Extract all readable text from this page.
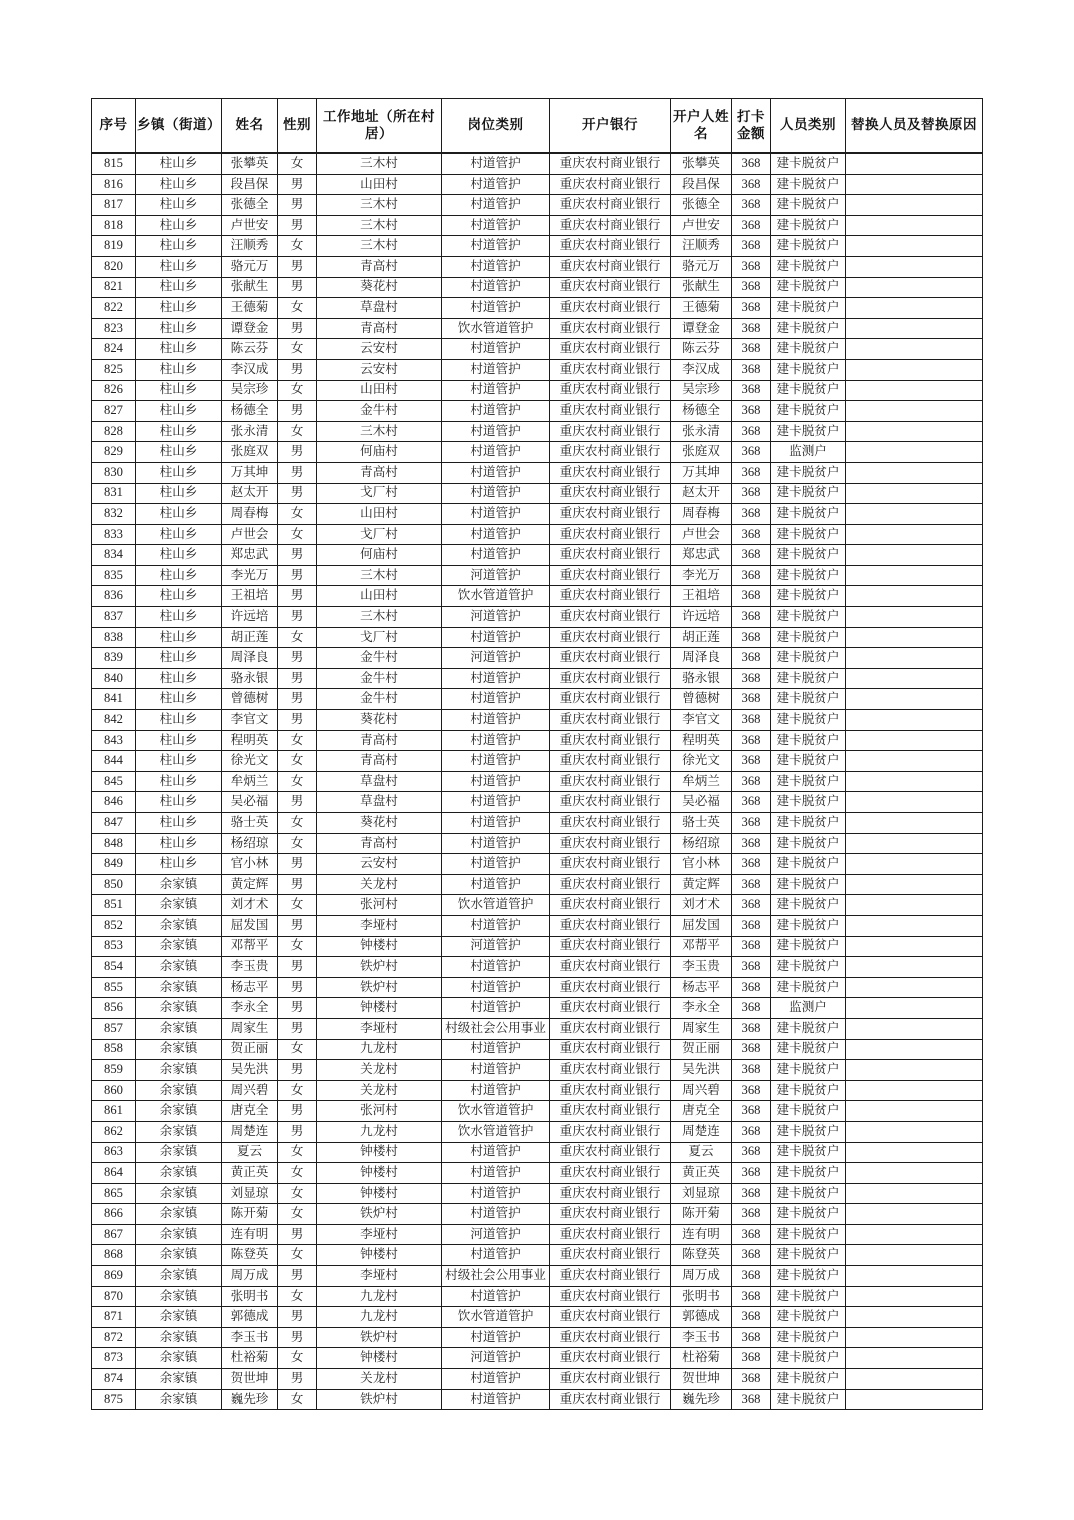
序号	乡镇（街道）	姓名	性别	工作地址（所在村居）	岗位类别	开户银行	开户人姓名	打卡金额	人员类别	替换人员及替换原因
815	柱山乡	张攀英	女	三木村	村道管护	重庆农村商业银行	张攀英	368	建卡脱贫户	
816	柱山乡	段昌保	男	山田村	村道管护	重庆农村商业银行	段昌保	368	建卡脱贫户	
817	柱山乡	张德全	男	三木村	村道管护	重庆农村商业银行	张德全	368	建卡脱贫户	
818	柱山乡	卢世安	男	三木村	村道管护	重庆农村商业银行	卢世安	368	建卡脱贫户	
819	柱山乡	汪顺秀	女	三木村	村道管护	重庆农村商业银行	汪顺秀	368	建卡脱贫户	
820	柱山乡	骆元万	男	青高村	村道管护	重庆农村商业银行	骆元万	368	建卡脱贫户	
821	柱山乡	张献生	男	葵花村	村道管护	重庆农村商业银行	张献生	368	建卡脱贫户	
822	柱山乡	王德菊	女	草盘村	村道管护	重庆农村商业银行	王德菊	368	建卡脱贫户	
823	柱山乡	谭登金	男	青高村	饮水管道管护	重庆农村商业银行	谭登金	368	建卡脱贫户	
824	柱山乡	陈云芬	女	云安村	村道管护	重庆农村商业银行	陈云芬	368	建卡脱贫户	
825	柱山乡	李汉成	男	云安村	村道管护	重庆农村商业银行	李汉成	368	建卡脱贫户	
826	柱山乡	吴宗珍	女	山田村	村道管护	重庆农村商业银行	吴宗珍	368	建卡脱贫户	
827	柱山乡	杨德全	男	金牛村	村道管护	重庆农村商业银行	杨德全	368	建卡脱贫户	
828	柱山乡	张永清	女	三木村	村道管护	重庆农村商业银行	张永清	368	建卡脱贫户	
829	柱山乡	张庭双	男	何庙村	村道管护	重庆农村商业银行	张庭双	368	监测户	
830	柱山乡	万其坤	男	青高村	村道管护	重庆农村商业银行	万其坤	368	建卡脱贫户	
831	柱山乡	赵太开	男	戈厂村	村道管护	重庆农村商业银行	赵太开	368	建卡脱贫户	
832	柱山乡	周春梅	女	山田村	村道管护	重庆农村商业银行	周春梅	368	建卡脱贫户	
833	柱山乡	卢世会	女	戈厂村	村道管护	重庆农村商业银行	卢世会	368	建卡脱贫户	
834	柱山乡	郑忠武	男	何庙村	村道管护	重庆农村商业银行	郑忠武	368	建卡脱贫户	
835	柱山乡	李光万	男	三木村	河道管护	重庆农村商业银行	李光万	368	建卡脱贫户	
836	柱山乡	王祖培	男	山田村	饮水管道管护	重庆农村商业银行	王祖培	368	建卡脱贫户	
837	柱山乡	许远培	男	三木村	河道管护	重庆农村商业银行	许远培	368	建卡脱贫户	
838	柱山乡	胡正莲	女	戈厂村	村道管护	重庆农村商业银行	胡正莲	368	建卡脱贫户	
839	柱山乡	周泽良	男	金牛村	河道管护	重庆农村商业银行	周泽良	368	建卡脱贫户	
840	柱山乡	骆永银	男	金牛村	村道管护	重庆农村商业银行	骆永银	368	建卡脱贫户	
841	柱山乡	曾德树	男	金牛村	村道管护	重庆农村商业银行	曾德树	368	建卡脱贫户	
842	柱山乡	李官文	男	葵花村	村道管护	重庆农村商业银行	李官文	368	建卡脱贫户	
843	柱山乡	程明英	女	青高村	村道管护	重庆农村商业银行	程明英	368	建卡脱贫户	
844	柱山乡	徐光文	女	青高村	村道管护	重庆农村商业银行	徐光文	368	建卡脱贫户	
845	柱山乡	牟炳兰	女	草盘村	村道管护	重庆农村商业银行	牟炳兰	368	建卡脱贫户	
846	柱山乡	吴必福	男	草盘村	村道管护	重庆农村商业银行	吴必福	368	建卡脱贫户	
847	柱山乡	骆士英	女	葵花村	村道管护	重庆农村商业银行	骆士英	368	建卡脱贫户	
848	柱山乡	杨绍琼	女	青高村	村道管护	重庆农村商业银行	杨绍琼	368	建卡脱贫户	
849	柱山乡	官小林	男	云安村	村道管护	重庆农村商业银行	官小林	368	建卡脱贫户	
850	余家镇	黄定辉	男	关龙村	村道管护	重庆农村商业银行	黄定辉	368	建卡脱贫户	
851	余家镇	刘才术	女	张河村	饮水管道管护	重庆农村商业银行	刘才术	368	建卡脱贫户	
852	余家镇	屈发国	男	李垭村	村道管护	重庆农村商业银行	屈发国	368	建卡脱贫户	
853	余家镇	邓帮平	女	钟楼村	河道管护	重庆农村商业银行	邓帮平	368	建卡脱贫户	
854	余家镇	李玉贵	男	铁炉村	村道管护	重庆农村商业银行	李玉贵	368	建卡脱贫户	
855	余家镇	杨志平	男	铁炉村	村道管护	重庆农村商业银行	杨志平	368	建卡脱贫户	
856	余家镇	李永全	男	钟楼村	村道管护	重庆农村商业银行	李永全	368	监测户	
857	余家镇	周家生	男	李垭村	村级社会公用事业	重庆农村商业银行	周家生	368	建卡脱贫户	
858	余家镇	贺正丽	女	九龙村	村道管护	重庆农村商业银行	贺正丽	368	建卡脱贫户	
859	余家镇	吴先洪	男	关龙村	村道管护	重庆农村商业银行	吴先洪	368	建卡脱贫户	
860	余家镇	周兴碧	女	关龙村	村道管护	重庆农村商业银行	周兴碧	368	建卡脱贫户	
861	余家镇	唐克全	男	张河村	饮水管道管护	重庆农村商业银行	唐克全	368	建卡脱贫户	
862	余家镇	周楚连	男	九龙村	饮水管道管护	重庆农村商业银行	周楚连	368	建卡脱贫户	
863	余家镇	夏云	女	钟楼村	村道管护	重庆农村商业银行	夏云	368	建卡脱贫户	
864	余家镇	黄正英	女	钟楼村	村道管护	重庆农村商业银行	黄正英	368	建卡脱贫户	
865	余家镇	刘显琼	女	钟楼村	村道管护	重庆农村商业银行	刘显琼	368	建卡脱贫户	
866	余家镇	陈开菊	女	铁炉村	村道管护	重庆农村商业银行	陈开菊	368	建卡脱贫户	
867	余家镇	连有明	男	李垭村	河道管护	重庆农村商业银行	连有明	368	建卡脱贫户	
868	余家镇	陈登英	女	钟楼村	村道管护	重庆农村商业银行	陈登英	368	建卡脱贫户	
869	余家镇	周万成	男	李垭村	村级社会公用事业	重庆农村商业银行	周万成	368	建卡脱贫户	
870	余家镇	张明书	女	九龙村	村道管护	重庆农村商业银行	张明书	368	建卡脱贫户	
871	余家镇	郭德成	男	九龙村	饮水管道管护	重庆农村商业银行	郭德成	368	建卡脱贫户	
872	余家镇	李玉书	男	铁炉村	村道管护	重庆农村商业银行	李玉书	368	建卡脱贫户	
873	余家镇	杜裕菊	女	钟楼村	河道管护	重庆农村商业银行	杜裕菊	368	建卡脱贫户	
874	余家镇	贺世坤	男	关龙村	村道管护	重庆农村商业银行	贺世坤	368	建卡脱贫户	
875	余家镇	巍先珍	女	铁炉村	村道管护	重庆农村商业银行	巍先珍	368	建卡脱贫户	
